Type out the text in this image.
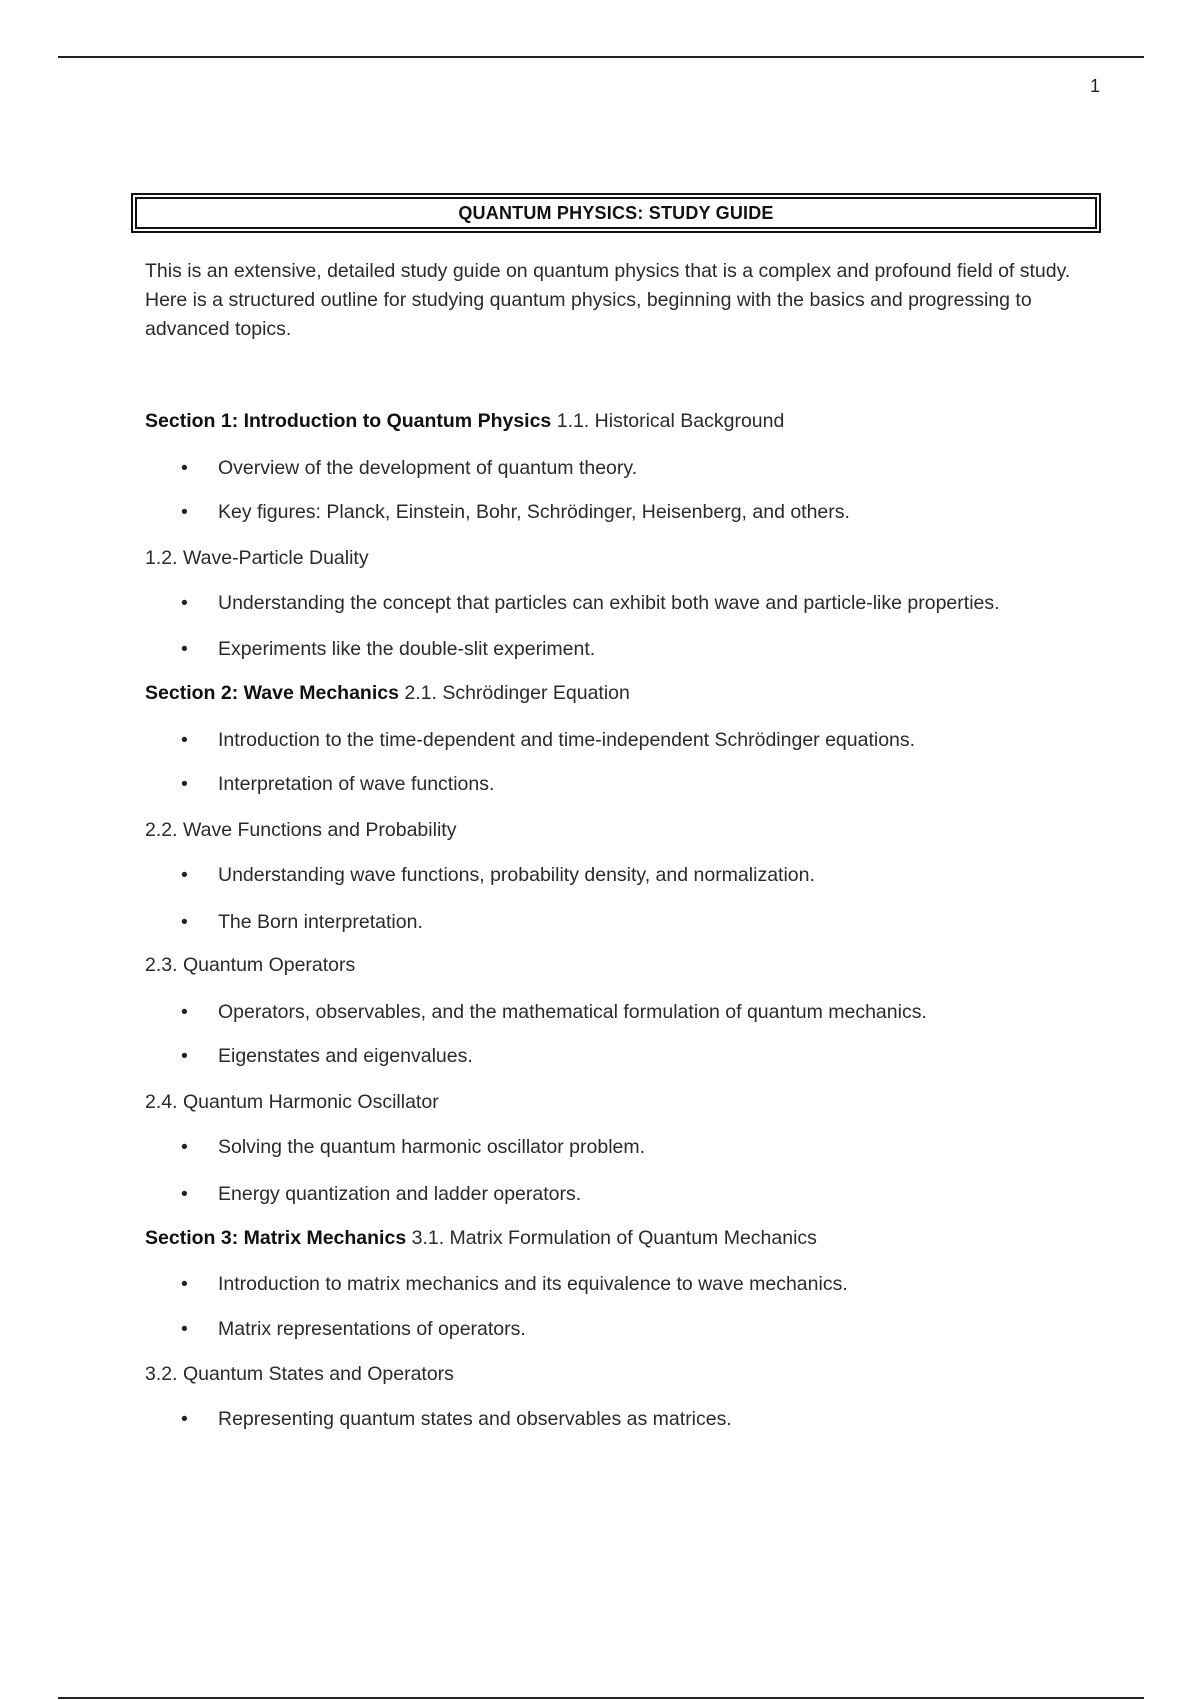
1
QUANTUM PHYSICS: STUDY GUIDE
This is an extensive, detailed study guide on quantum physics that is a complex and profound field of study. Here is a structured outline for studying quantum physics, beginning with the basics and progressing to advanced topics.
Section 1: Introduction to Quantum Physics 1.1. Historical Background
• Overview of the development of quantum theory.
• Key figures: Planck, Einstein, Bohr, Schrödinger, Heisenberg, and others.
1.2. Wave-Particle Duality
• Understanding the concept that particles can exhibit both wave and particle-like properties.
• Experiments like the double-slit experiment.
Section 2: Wave Mechanics 2.1. Schrödinger Equation
• Introduction to the time-dependent and time-independent Schrödinger equations.
• Interpretation of wave functions.
2.2. Wave Functions and Probability
• Understanding wave functions, probability density, and normalization.
• The Born interpretation.
2.3. Quantum Operators
• Operators, observables, and the mathematical formulation of quantum mechanics.
• Eigenstates and eigenvalues.
2.4. Quantum Harmonic Oscillator
• Solving the quantum harmonic oscillator problem.
• Energy quantization and ladder operators.
Section 3: Matrix Mechanics 3.1. Matrix Formulation of Quantum Mechanics
• Introduction to matrix mechanics and its equivalence to wave mechanics.
• Matrix representations of operators.
3.2. Quantum States and Operators
• Representing quantum states and observables as matrices.
